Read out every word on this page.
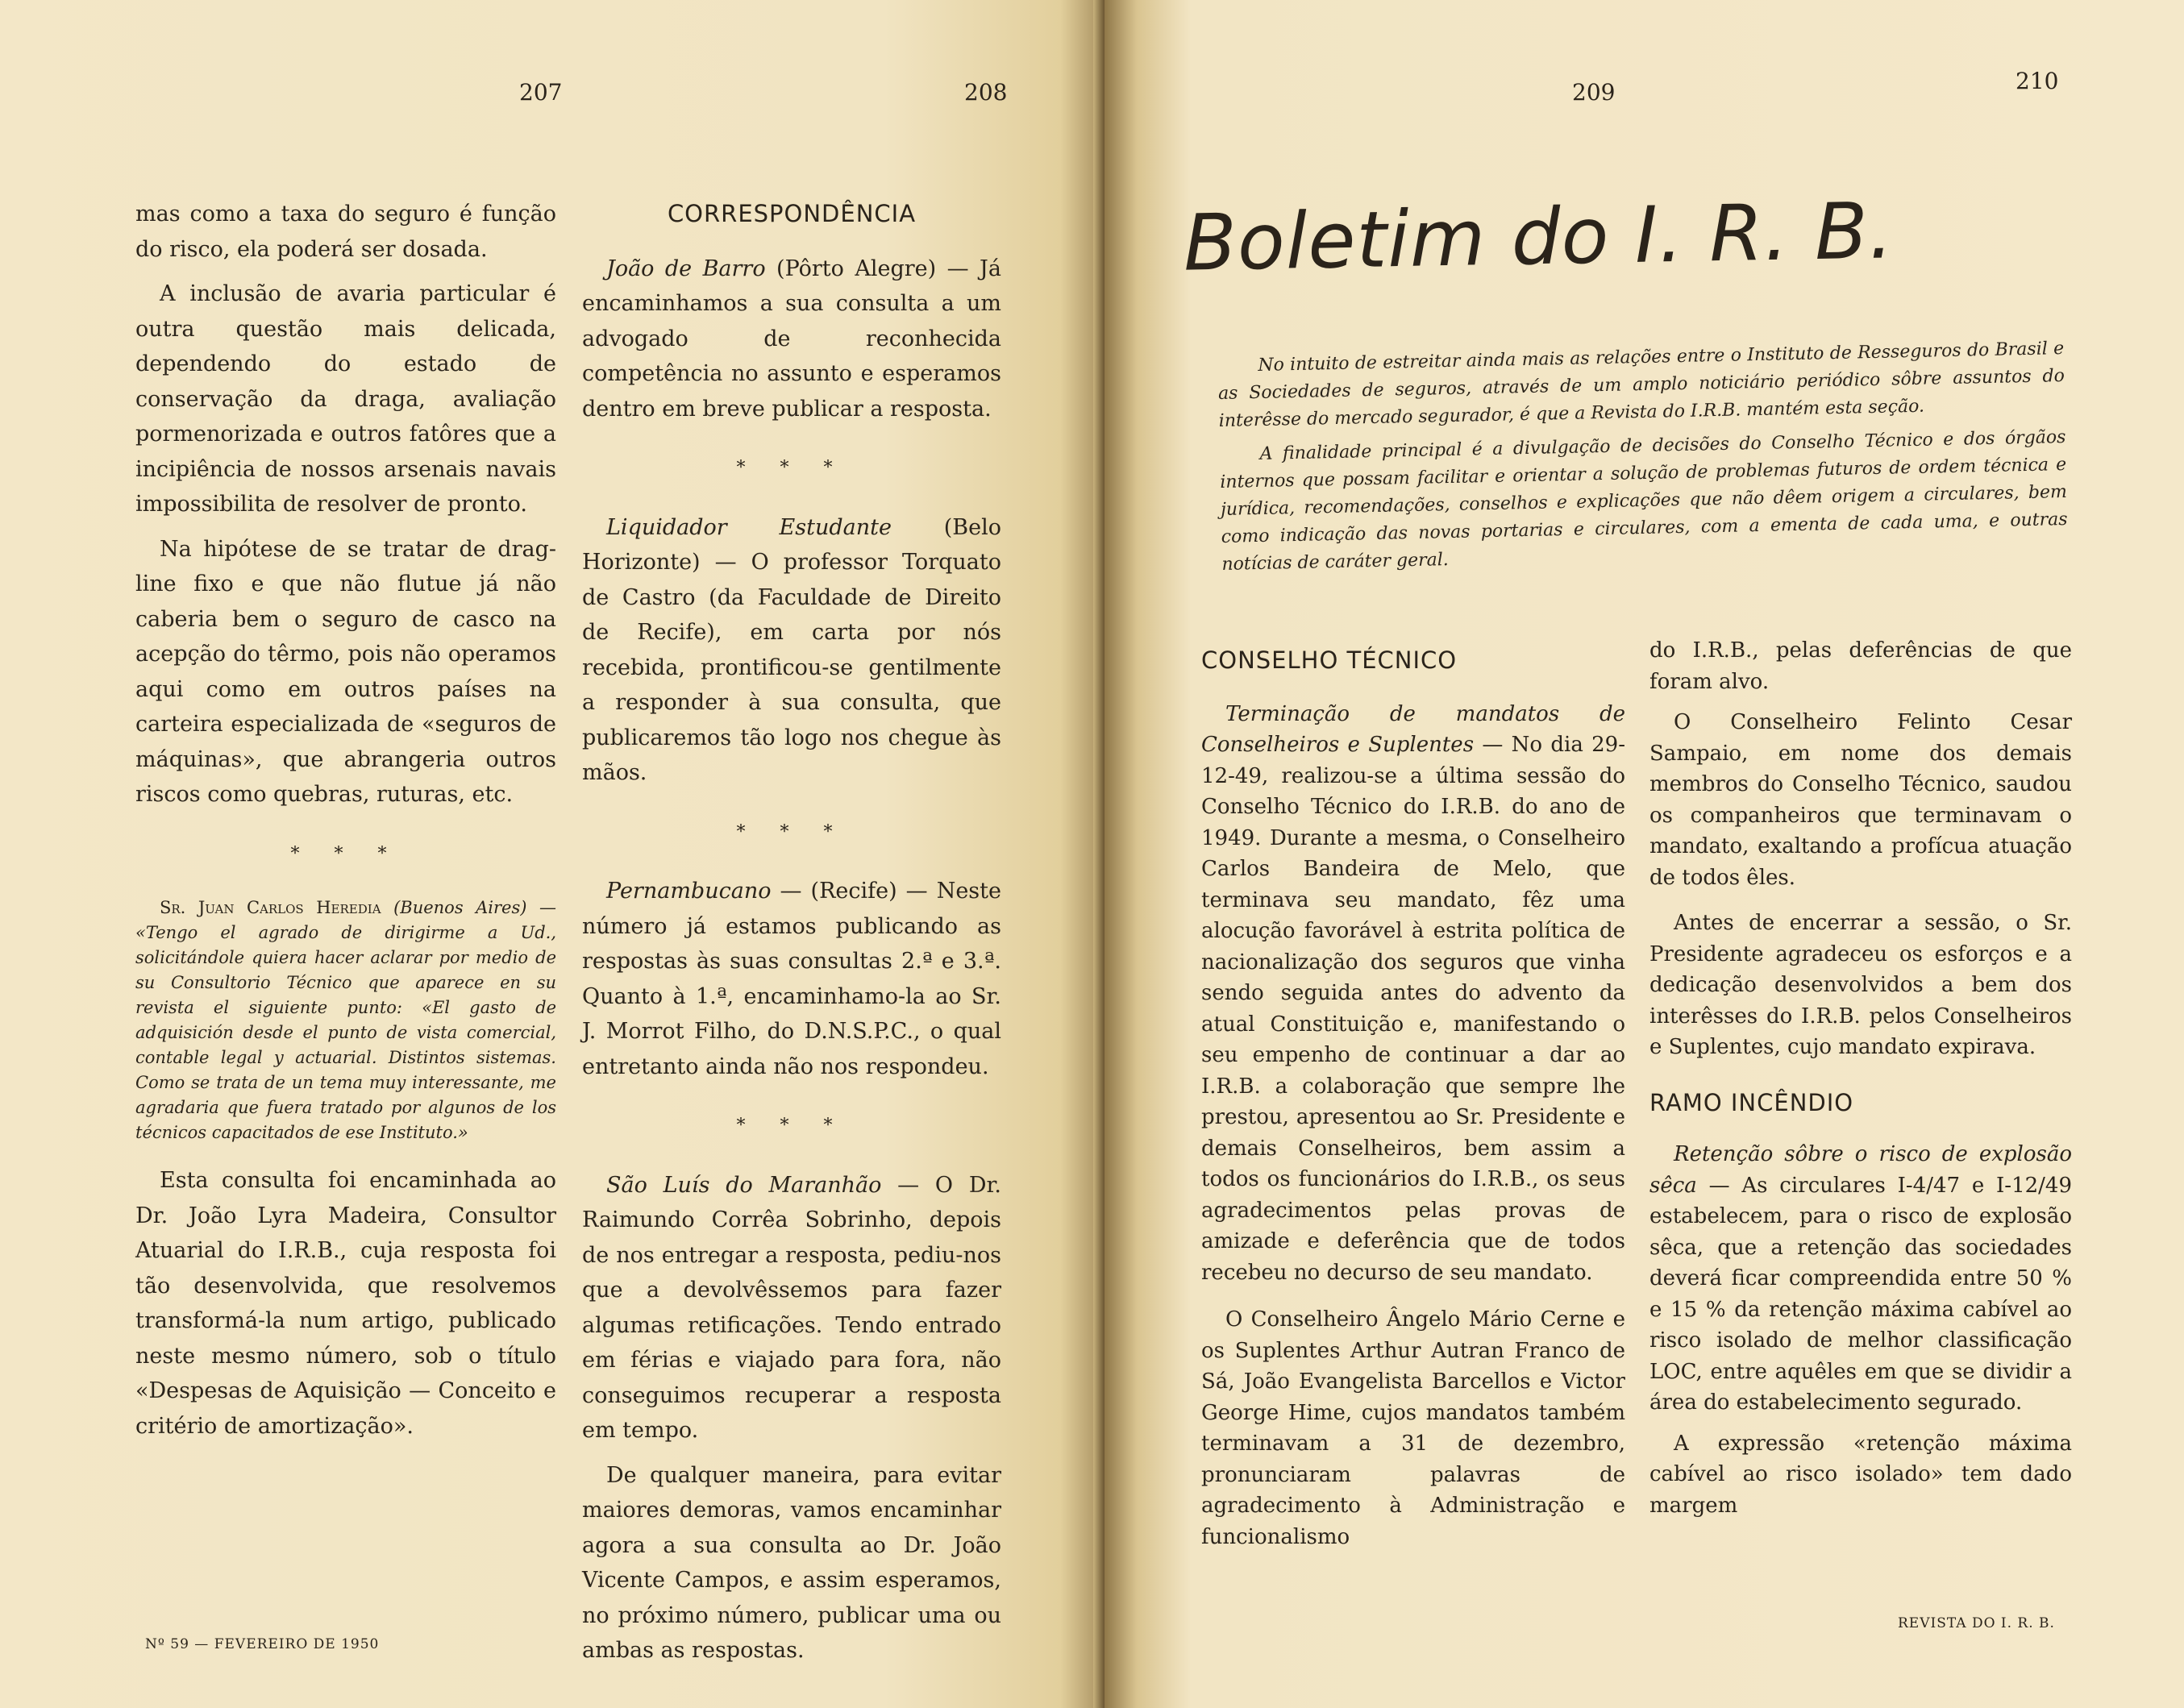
207	208

mas como a taxa do seguro é função do risco, ela poderá ser dosada.

A inclusão de avaria particular é outra questão mais delicada, dependendo do estado de conservação da draga, avaliação pormenorizada e outros fatôres que a incipiência de nossos arsenais navais impossibilita de resolver de pronto.

Na hipótese de se tratar de drag-line fixo e que não flutue já não caberia bem o seguro de casco na acepção do têrmo, pois não operamos aqui como em outros países na carteira especializada de «seguros de máquinas», que abrangeria outros riscos como quebras, ruturas, etc.

* * *

Sr. Juan Carlos Heredia (Buenos Aires) — «Tengo el agrado de dirigirme a Ud., solicitándole quiera hacer aclarar por medio de su Consultorio Técnico que aparece en su revista el siguiente punto: «El gasto de adquisición desde el punto de vista comercial, contable legal y actuarial. Distintos sistemas. Como se trata de un tema muy interessante, me agradaria que fuera tratado por algunos de los técnicos capacitados de ese Instituto.»

Esta consulta foi encaminhada ao Dr. João Lyra Madeira, Consultor Atuarial do I.R.B., cuja resposta foi tão desenvolvida, que resolvemos transformá-la num artigo, publicado neste mesmo número, sob o título «Despesas de Aquisição — Conceito e critério de amortização».

CORRESPONDÊNCIA

João de Barro (Pôrto Alegre) — Já encaminhamos a sua consulta a um advogado de reconhecida competência no assunto e esperamos dentro em breve publicar a resposta.

* * *

Liquidador Estudante (Belo Horizonte) — O professor Torquato de Castro (da Faculdade de Direito de Recife), em carta por nós recebida, prontificou-se gentilmente a responder à sua consulta, que publicaremos tão logo nos chegue às mãos.

* * *

Pernambucano — (Recife) — Neste número já estamos publicando as respostas às suas consultas 2.ª e 3.ª. Quanto à 1.ª, encaminhamo-la ao Sr. J. Morrot Filho, do D.N.S.P.C., o qual entretanto ainda não nos respondeu.

* * *

São Luís do Maranhão — O Dr. Raimundo Corrêa Sobrinho, depois de nos entregar a resposta, pediu-nos que a devolvêssemos para fazer algumas retificações. Tendo entrado em férias e viajado para fora, não conseguimos recuperar a resposta em tempo.

De qualquer maneira, para evitar maiores demoras, vamos encaminhar agora a sua consulta ao Dr. João Vicente Campos, e assim esperamos, no próximo número, publicar uma ou ambas as respostas.

Nº 59 — FEVEREIRO DE 1950
209	210
REVISTA DO I. R. B.
Boletim do I. R. B.

No intuito de estreitar ainda mais as relações entre o Instituto de Resseguros do Brasil e as Sociedades de seguros, através de um amplo noticiário periódico sôbre assuntos do interêsse do mercado segurador, é que a Revista do I.R.B. mantém esta seção.

A finalidade principal é a divulgação de decisões do Conselho Técnico e dos órgãos internos que possam facilitar e orientar a solução de problemas futuros de ordem técnica e jurídica, recomendações, conselhos e explicações que não dêem origem a circulares, bem como indicação das novas portarias e circulares, com a ementa de cada uma, e outras notícias de caráter geral.

CONSELHO TÉCNICO

Terminação de mandatos de Conselheiros e Suplentes — No dia 29-12-49, realizou-se a última sessão do Conselho Técnico do I.R.B. do ano de 1949. Durante a mesma, o Conselheiro Carlos Bandeira de Melo, que terminava seu mandato, fêz uma alocução favorável à estrita política de nacionalização dos seguros que vinha sendo seguida antes do advento da atual Constituição e, manifestando o seu empenho de continuar a dar ao I.R.B. a colaboração que sempre lhe prestou, apresentou ao Sr. Presidente e demais Conselheiros, bem assim a todos os funcionários do I.R.B., os seus agradecimentos pelas provas de amizade e deferência que de todos recebeu no decurso de seu mandato.

O Conselheiro Ângelo Mário Cerne e os Suplentes Arthur Autran Franco de Sá, João Evangelista Barcellos e Victor George Hime, cujos mandatos também terminavam a 31 de dezembro, pronunciaram palavras de agradecimento à Administração e funcionalismo

do I.R.B., pelas deferências de que foram alvo.

O Conselheiro Felinto Cesar Sampaio, em nome dos demais membros do Conselho Técnico, saudou os companheiros que terminavam o mandato, exaltando a profícua atuação de todos êles.

Antes de encerrar a sessão, o Sr. Presidente agradeceu os esforços e a dedicação desenvolvidos a bem dos interêsses do I.R.B. pelos Conselheiros e Suplentes, cujo mandato expirava.

RAMO INCÊNDIO

Retenção sôbre o risco de explosão sêca — As circulares I-4/47 e I-12/49 estabelecem, para o risco de explosão sêca, que a retenção das sociedades deverá ficar compreendida entre 50 % e 15 % da retenção máxima cabível ao risco isolado de melhor classificação LOC, entre aquêles em que se dividir a área do estabelecimento segurado.

A expressão «retenção máxima cabível ao risco isolado» tem dado margem
